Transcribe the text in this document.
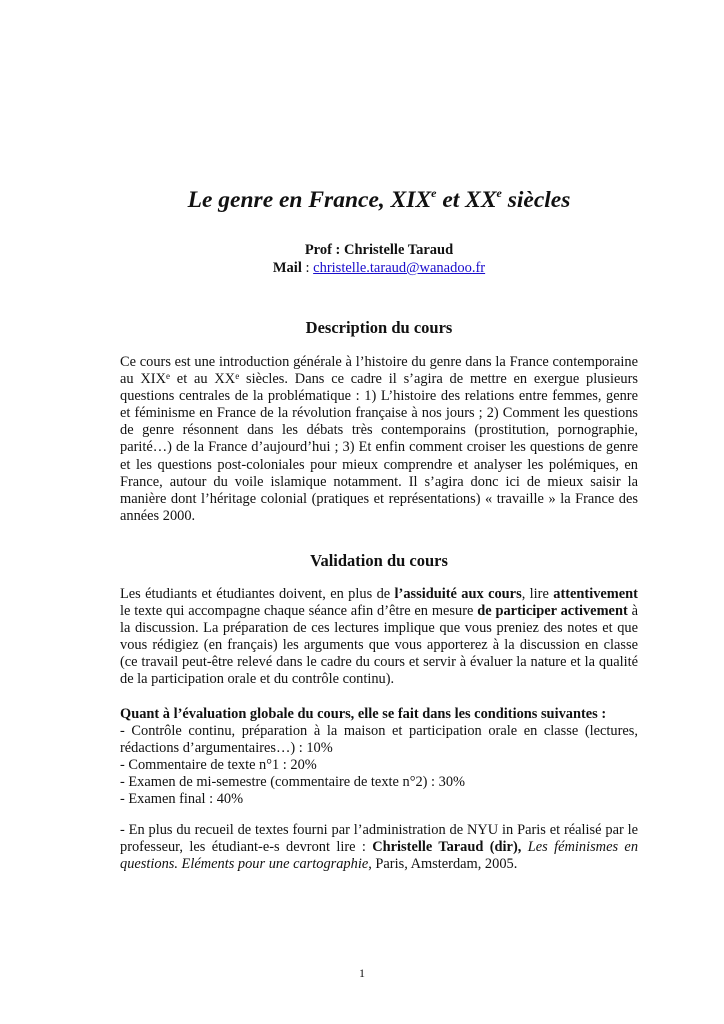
Le genre en France, XIXe et XXe siècles
Prof : Christelle Taraud
Mail : christelle.taraud@wanadoo.fr
Description du cours

Ce cours est une introduction générale à l’histoire du genre dans la France contemporaine au XIXe et au XXe siècles. Dans ce cadre il s’agira de mettre en exergue plusieurs questions centrales de la problématique : 1) L’histoire des relations entre femmes, genre et féminisme en France de la révolution française à nos jours ; 2) Comment les questions de genre résonnent dans les débats très contemporains (prostitution, pornographie, parité…) de la France d’aujourd’hui ; 3) Et enfin comment croiser les questions de genre et les questions post-coloniales pour mieux comprendre et analyser les polémiques, en France, autour du voile islamique notamment. Il s’agira donc ici de mieux saisir la manière dont l’héritage colonial (pratiques et représentations) « travaille » la France des années 2000.

Validation du cours

Les étudiants et étudiantes doivent, en plus de l’assiduité aux cours, lire attentivement le texte qui accompagne chaque séance afin d’être en mesure de participer activement à la discussion. La préparation de ces lectures implique que vous preniez des notes et que vous rédigiez (en français) les arguments que vous apporterez à la discussion en classe (ce travail peut-être relevé dans le cadre du cours et servir à évaluer la nature et la qualité de la participation orale et du contrôle continu).

Quant à l’évaluation globale du cours, elle se fait dans les conditions suivantes :
- Contrôle continu, préparation à la maison et participation orale en classe (lectures, rédactions d’argumentaires…) : 10%
- Commentaire de texte n°1 : 20%
- Examen de mi-semestre (commentaire de texte n°2) : 30%
- Examen final : 40%

- En plus du recueil de textes fourni par l’administration de NYU in Paris et réalisé par le professeur, les étudiant-e-s devront lire : Christelle Taraud (dir), Les féminismes en questions. Eléments pour une cartographie, Paris, Amsterdam, 2005.

1
